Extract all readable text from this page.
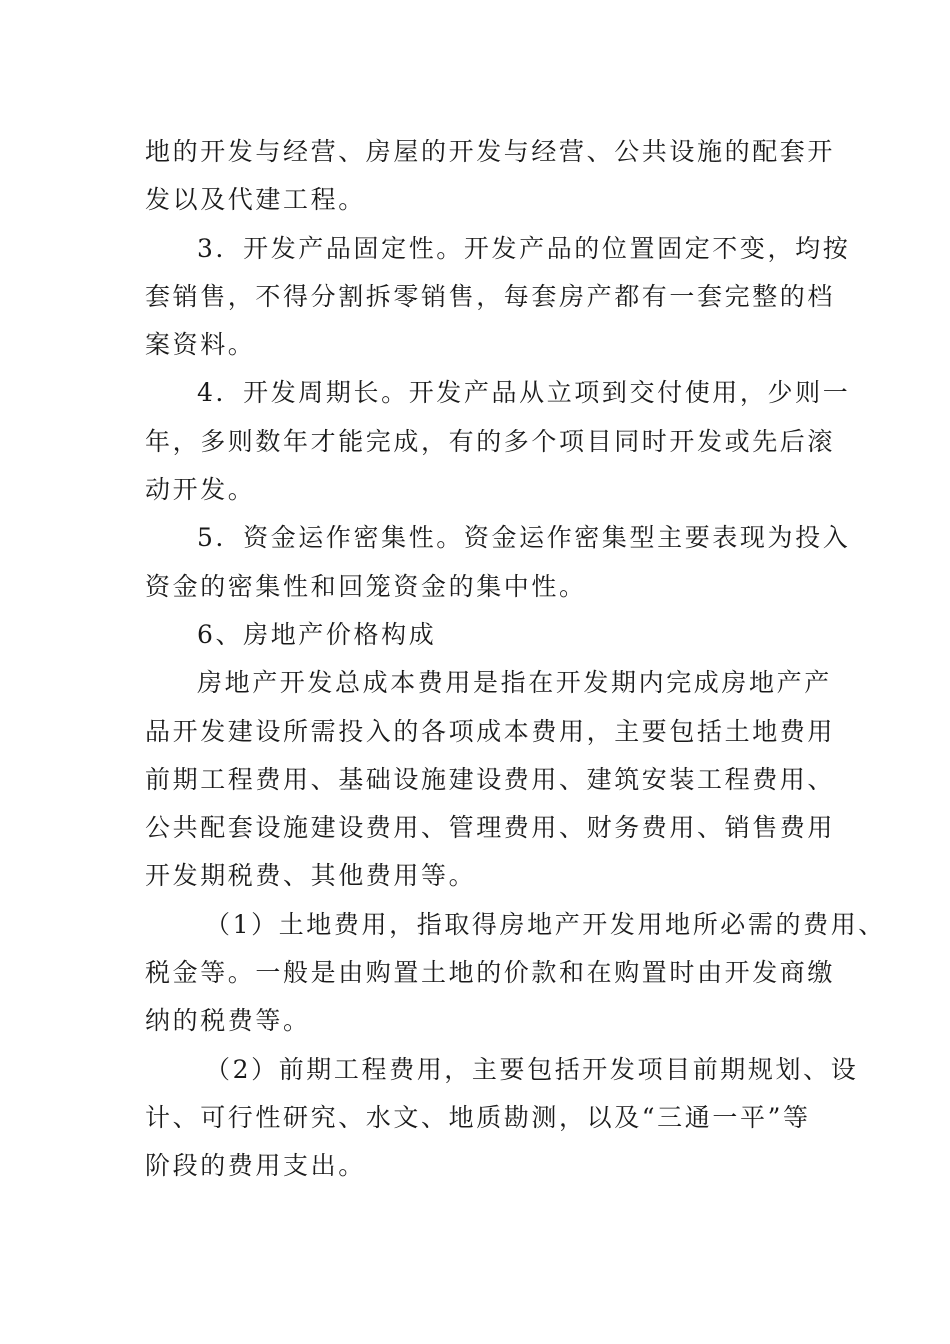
地的开发与经营、房屋的开发与经营、公共设施的配套开
发以及代建工程。
3．开发产品固定性。开发产品的位置固定不变，均按
套销售，不得分割拆零销售，每套房产都有一套完整的档
案资料。
4．开发周期长。开发产品从立项到交付使用，少则一
年，多则数年才能完成，有的多个项目同时开发或先后滚
动开发。
5．资金运作密集性。资金运作密集型主要表现为投入
资金的密集性和回笼资金的集中性。
6、房地产价格构成
房地产开发总成本费用是指在开发期内完成房地产产
品开发建设所需投入的各项成本费用，主要包括土地费用
前期工程费用、基础设施建设费用、建筑安装工程费用、
公共配套设施建设费用、管理费用、财务费用、销售费用
开发期税费、其他费用等。
（1）土地费用，指取得房地产开发用地所必需的费用、
税金等。一般是由购置土地的价款和在购置时由开发商缴
纳的税费等。
（2）前期工程费用，主要包括开发项目前期规划、设
计、可行性研究、水文、地质勘测，以及“三通一平”等
阶段的费用支出。
